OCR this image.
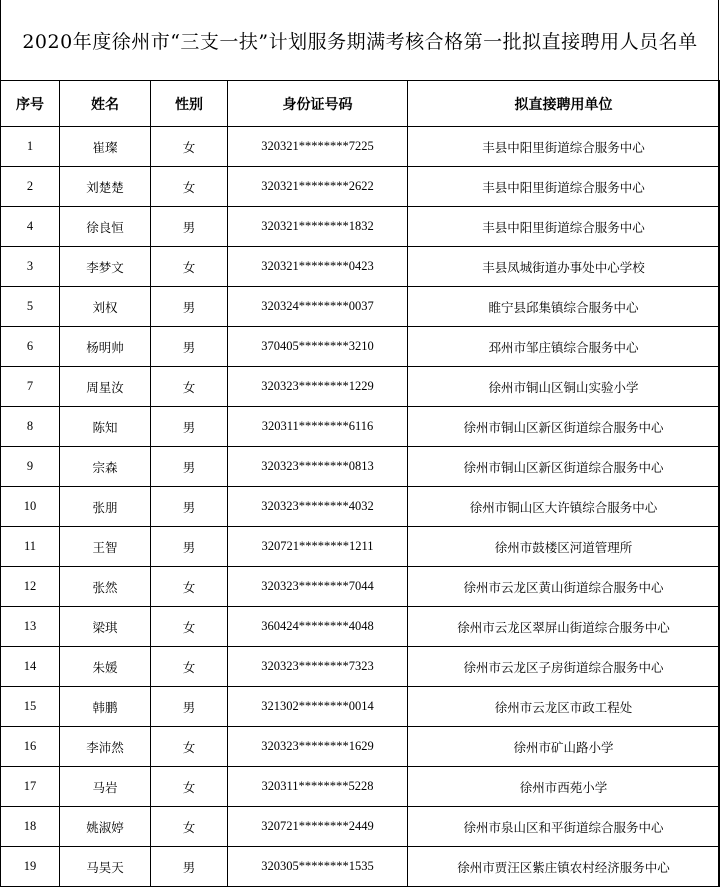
2020年度徐州市“三支一扶”计划服务期满考核合格第一批拟直接聘用人员名单
序号	姓名	性别	身份证号码	拟直接聘用单位
1	崔璨	女	320321********7225	丰县中阳里街道综合服务中心
2	刘楚楚	女	320321********2622	丰县中阳里街道综合服务中心
4	徐良恒	男	320321********1832	丰县中阳里街道综合服务中心
3	李梦文	女	320321********0423	丰县凤城街道办事处中心学校
5	刘权	男	320324********0037	睢宁县邱集镇综合服务中心
6	杨明帅	男	370405********3210	邳州市邹庄镇综合服务中心
7	周星汝	女	320323********1229	徐州市铜山区铜山实验小学
8	陈知	男	320311********6116	徐州市铜山区新区街道综合服务中心
9	宗森	男	320323********0813	徐州市铜山区新区街道综合服务中心
10	张朋	男	320323********4032	徐州市铜山区大许镇综合服务中心
11	王智	男	320721********1211	徐州市鼓楼区河道管理所
12	张然	女	320323********7044	徐州市云龙区黄山街道综合服务中心
13	梁琪	女	360424********4048	徐州市云龙区翠屏山街道综合服务中心
14	朱媛	女	320323********7323	徐州市云龙区子房街道综合服务中心
15	韩鹏	男	321302********0014	徐州市云龙区市政工程处
16	李沛然	女	320323********1629	徐州市矿山路小学
17	马岩	女	320311********5228	徐州市西苑小学
18	姚淑婷	女	320721********2449	徐州市泉山区和平街道综合服务中心
19	马昊天	男	320305********1535	徐州市贾汪区紫庄镇农村经济服务中心
